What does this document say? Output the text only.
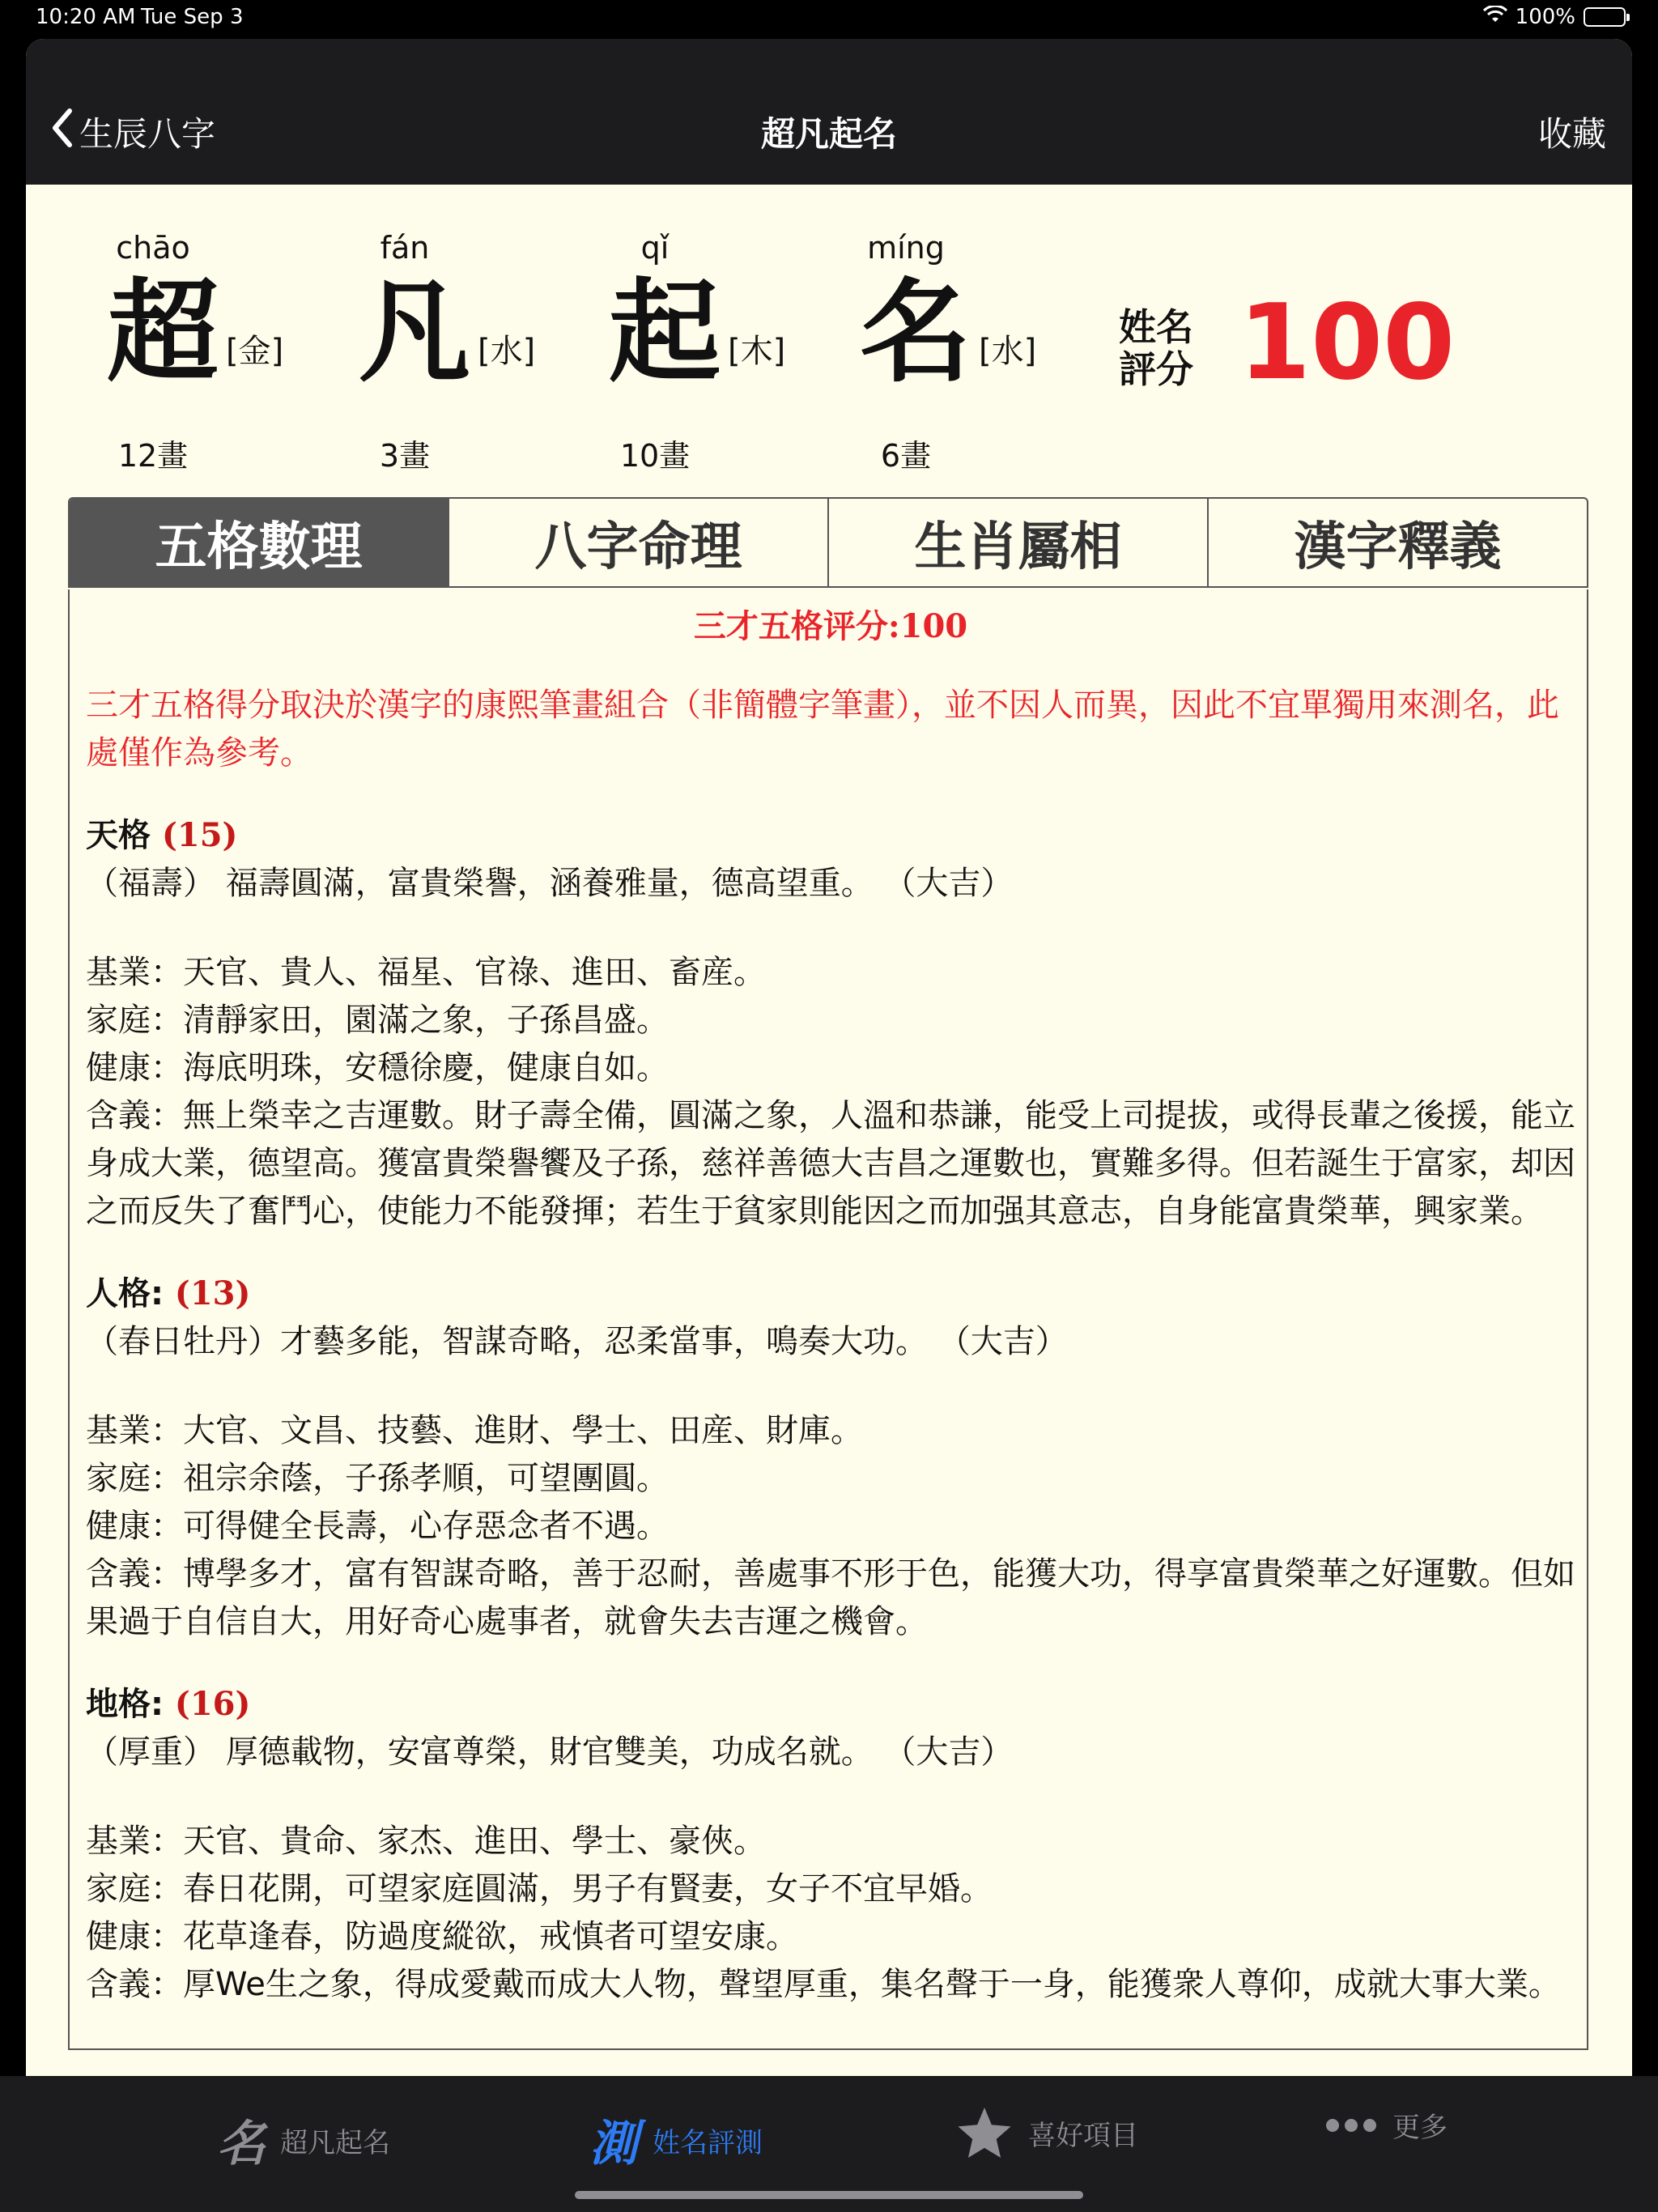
10:20 AM Tue Sep 3	100%
生辰八字	超凡起名	收藏
chāo
超 [金]
12畫
fán
凡 [水]
3畫
qǐ
起 [木]
10畫
míng
名 [水]
6畫
姓名
評分 100
五格數理	八字命理	生肖屬相	漢字釋義
三才五格评分:100

三才五格得分取決於漢字的康熙筆畫組合（非簡體字筆畫），並不因人而異，因此不宜單獨用來測名，此處僅作為參考。

天格 (15)

（福壽） 福壽圓滿，富貴榮譽，涵養雅量，德高望重。 （大吉）

基業：天官、貴人、福星、官祿、進田、畜産。

家庭：清靜家田，園滿之象，子孫昌盛。

健康：海底明珠，安穩徐慶，健康自如。

含義：無上榮幸之吉運數。財子壽全備，圓滿之象，人溫和恭謙，能受上司提拔，或得長輩之後援，能立身成大業，德望高。獲富貴榮譽饗及子孫，慈祥善德大吉昌之運數也，實難多得。但若誕生于富家，却因之而反失了奮鬥心，使能力不能發揮；若生于貧家則能因之而加强其意志，自身能富貴榮華，興家業。

人格: (13)

（春日牡丹）才藝多能，智謀奇略，忍柔當事，鳴奏大功。 （大吉）

基業：大官、文昌、技藝、進財、學士、田産、財庫。

家庭：祖宗余蔭，子孫孝順，可望團圓。

健康：可得健全長壽，心存惡念者不遇。

含義：博學多才，富有智謀奇略，善于忍耐，善處事不形于色，能獲大功，得享富貴榮華之好運數。但如果過于自信自大，用好奇心處事者，就會失去吉運之機會。

地格: (16)

（厚重） 厚德載物，安富尊榮，財官雙美，功成名就。 （大吉）

基業：天官、貴命、家杰、進田、學士、豪俠。

家庭：春日花開，可望家庭圓滿，男子有賢妻，女子不宜早婚。

健康：花草逢春，防過度縱欲，戒慎者可望安康。

含義：厚We生之象，得成愛戴而成大人物，聲望厚重，集名聲于一身，能獲衆人尊仰，成就大事大業。

名 超凡起名	測 姓名評測	喜好項目	更多
